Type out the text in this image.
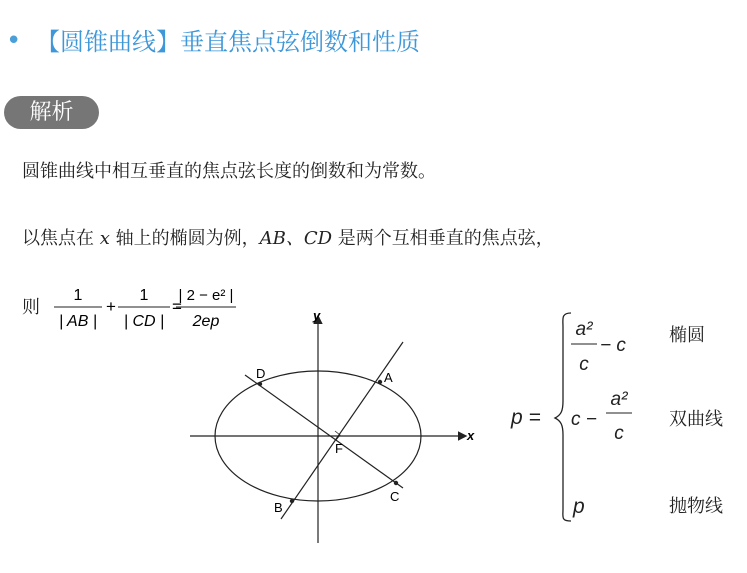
• 【圆锥曲线】垂直焦点弦倒数和性质
解析
圆锥曲线中相互垂直的焦点弦长度的倒数和为常数。
以焦点在 x 轴上的椭圆为例，AB、CD 是两个互相垂直的焦点弦，
则
1
| AB |
+
1
| CD |
=
| 2 − e² |
2ep
x
y
A
B
C
D
F
p =
a²
c
− c 椭圆
c −
a²
c
双曲线
p	抛物线
